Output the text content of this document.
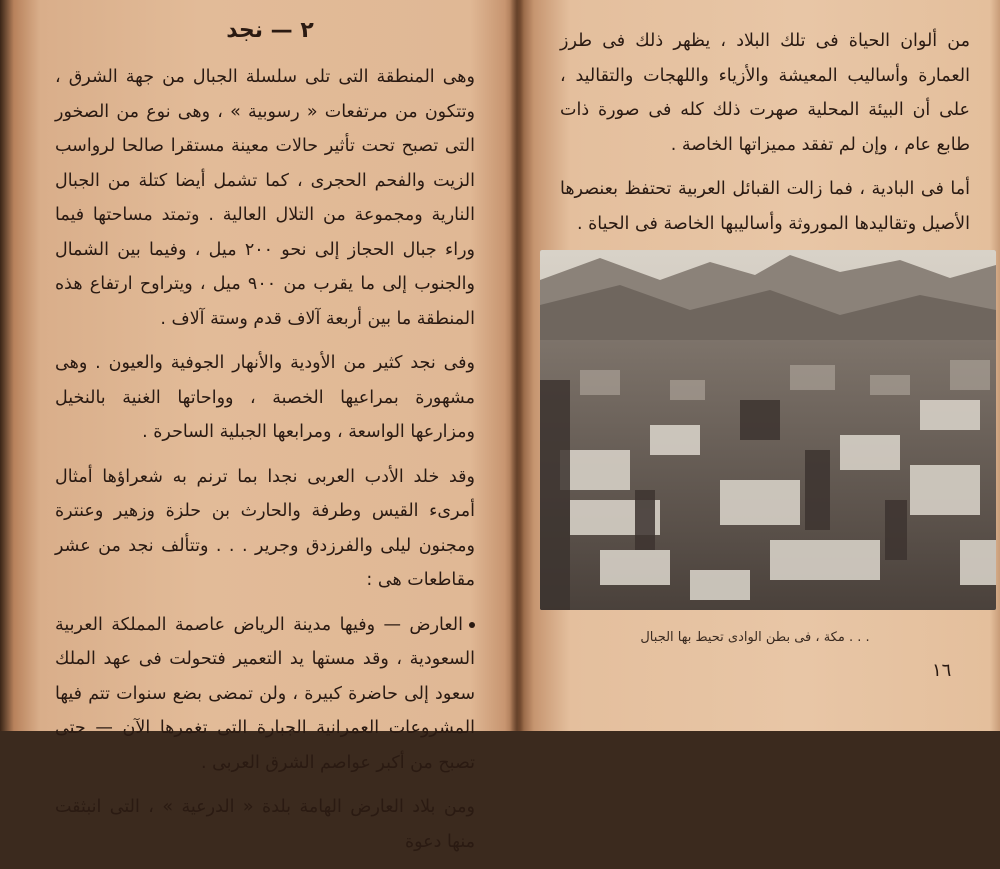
٢ — نجد

وهى المنطقة التى تلى سلسلة الجبال من جهة الشرق ، وتتكون من مرتفعات « رسوبية » ، وهى نوع من الصخور التى تصبح تحت تأثير حالات معينة مستقرا صالحا لرواسب الزيت والفحم الحجرى ، كما تشمل أيضا كتلة من الجبال النارية ومجموعة من التلال العالية . وتمتد مساحتها فيما وراء جبال الحجاز إلى نحو ٢٠٠ ميل ، وفيما بين الشمال والجنوب إلى ما يقرب من ٩٠٠ ميل ، ويتراوح ارتفاع هذه المنطقة ما بين أربعة آلاف قدم وستة آلاف .

وفى نجد كثير من الأودية والأنهار الجوفية والعيون . وهى مشهورة بمراعيها الخصبة ، وواحاتها الغنية بالنخيل ومزارعها الواسعة ، ومرابعها الجبلية الساحرة .

وقد خلد الأدب العربى نجدا بما ترنم به شعراؤها أمثال أمرىء القيس وطرفة والحارث بن حلزة وزهير وعنترة ومجنون ليلى والفرزدق وجرير . . . وتتألف نجد من عشر مقاطعات هى :

العارض — وفيها مدينة الرياض عاصمة المملكة العربية السعودية ، وقد مستها يد التعمير فتحولت فى عهد الملك سعود إلى حاضرة كبيرة ، ولن تمضى بضع سنوات تتم فيها المشروعات العمرانية الجبارة التى تغمرها الآن — حتى تصبح من أكبر عواصم الشرق العربى .

ومن بلاد العارض الهامة بلدة « الدرعية » ، التى انبثقت منها دعوة

من ألوان الحياة فى تلك البلاد ، يظهر ذلك فى طرز العمارة وأساليب المعيشة والأزياء واللهجات والتقاليد ، على أن البيئة المحلية صهرت ذلك كله فى صورة ذات طابع عام ، وإن لم تفقد مميزاتها الخاصة .

أما فى البادية ، فما زالت القبائل العربية تحتفظ بعنصرها الأصيل وتقاليدها الموروثة وأساليبها الخاصة فى الحياة .

. . . مكة ، فى بطن الوادى تحيط بها الجبال
١٦
